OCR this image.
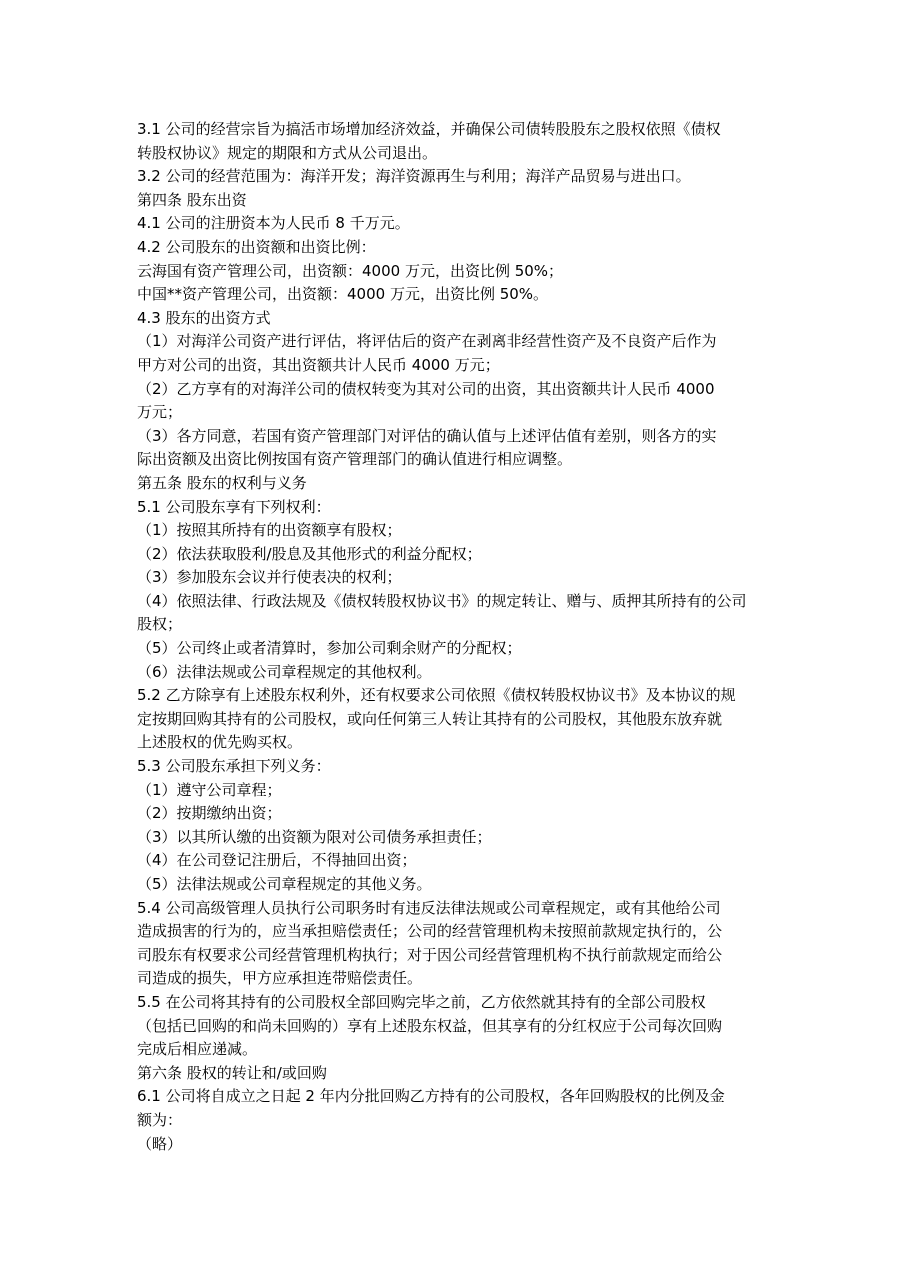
3.1 公司的经营宗旨为搞活市场增加经济效益，并确保公司债转股股东之股权依照《债权
转股权协议》规定的期限和方式从公司退出。
3.2 公司的经营范围为：海洋开发；海洋资源再生与利用；海洋产品贸易与进出口。
第四条 股东出资
4.1 公司的注册资本为人民币 8 千万元。
4.2 公司股东的出资额和出资比例：
云海国有资产管理公司，出资额：4000 万元，出资比例 50%；
中国**资产管理公司，出资额：4000 万元，出资比例 50%。
4.3 股东的出资方式
（1）对海洋公司资产进行评估，将评估后的资产在剥离非经营性资产及不良资产后作为
甲方对公司的出资，其出资额共计人民币 4000 万元；
（2）乙方享有的对海洋公司的债权转变为其对公司的出资，其出资额共计人民币 4000
万元；
（3）各方同意，若国有资产管理部门对评估的确认值与上述评估值有差别，则各方的实
际出资额及出资比例按国有资产管理部门的确认值进行相应调整。
第五条 股东的权利与义务
5.1 公司股东享有下列权利：
（1）按照其所持有的出资额享有股权；
（2）依法获取股利/股息及其他形式的利益分配权；
（3）参加股东会议并行使表决的权利；
（4）依照法律、行政法规及《债权转股权协议书》的规定转让、赠与、质押其所持有的公司
股权；
（5）公司终止或者清算时，参加公司剩余财产的分配权；
（6）法律法规或公司章程规定的其他权利。
5.2 乙方除享有上述股东权利外，还有权要求公司依照《债权转股权协议书》及本协议的规
定按期回购其持有的公司股权，或向任何第三人转让其持有的公司股权，其他股东放弃就
上述股权的优先购买权。
5.3 公司股东承担下列义务：
（1）遵守公司章程；
（2）按期缴纳出资；
（3）以其所认缴的出资额为限对公司债务承担责任；
（4）在公司登记注册后，不得抽回出资；
（5）法律法规或公司章程规定的其他义务。
5.4 公司高级管理人员执行公司职务时有违反法律法规或公司章程规定，或有其他给公司
造成损害的行为的，应当承担赔偿责任；公司的经营管理机构未按照前款规定执行的，公
司股东有权要求公司经营管理机构执行；对于因公司经营管理机构不执行前款规定而给公
司造成的损失，甲方应承担连带赔偿责任。
5.5 在公司将其持有的公司股权全部回购完毕之前，乙方依然就其持有的全部公司股权
（包括已回购的和尚未回购的）享有上述股东权益，但其享有的分红权应于公司每次回购
完成后相应递减。
第六条 股权的转让和/或回购
6.1 公司将自成立之日起 2 年内分批回购乙方持有的公司股权，各年回购股权的比例及金
额为：
（略）
